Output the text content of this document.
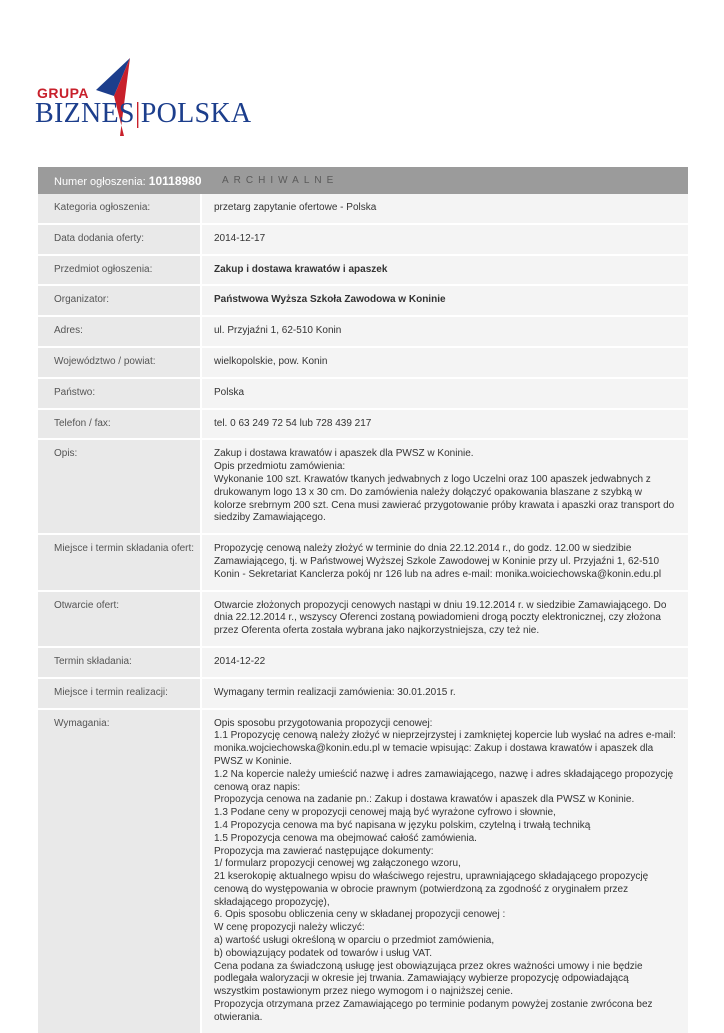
GRUPA
BIZNES|POLSKA
Numer ogłoszenia: 10118980	ARCHIWALNE
Kategoria ogłoszenia:	przetarg zapytanie ofertowe - Polska
Data dodania oferty:	2014-12-17
Przedmiot ogłoszenia:	Zakup i dostawa krawatów i apaszek
Organizator:	Państwowa Wyższa Szkoła Zawodowa w Koninie
Adres:	ul. Przyjaźni 1, 62-510 Konin
Województwo / powiat:	wielkopolskie, pow. Konin
Państwo:	Polska
Telefon / fax:	tel. 0 63 249 72 54 lub 728 439 217
Opis:	Zakup i dostawa krawatów i apaszek dla PWSZ w Koninie.
Opis przedmiotu zamówienia:
Wykonanie 100 szt. Krawatów tkanych jedwabnych z logo Uczelni oraz 100 apaszek jedwabnych z drukowanym logo 13 x 30 cm. Do zamówienia należy dołączyć opakowania blaszane z szybką w kolorze srebrnym 200 szt. Cena musi zawierać przygotowanie próby krawata i apaszki oraz transport do siedziby Zamawiającego.
Miejsce i termin składania ofert:	Propozycję cenową należy złożyć w terminie do dnia 22.12.2014 r., do godz. 12.00 w siedzibie Zamawiającego, tj. w Państwowej Wyższej Szkole Zawodowej w Koninie przy ul. Przyjaźni 1, 62-510 Konin - Sekretariat Kanclerza pokój nr 126 lub na adres e-mail: monika.woiciechowska@konin.edu.pl
Otwarcie ofert:	Otwarcie złożonych propozycji cenowych nastąpi w dniu 19.12.2014 r. w siedzibie Zamawiającego. Do dnia 22.12.2014 r., wszyscy Oferenci zostaną powiadomieni drogą poczty elektronicznej, czy złożona przez Oferenta oferta została wybrana jako najkorzystniejsza, czy też nie.
Termin składania:	2014-12-22
Miejsce i termin realizacji:	Wymagany termin realizacji zamówienia: 30.01.2015 r.
Wymagania:	Opis sposobu przygotowania propozycji cenowej:
1.1 Propozycję cenową należy złożyć w nieprzejrzystej i zamkniętej kopercie lub wysłać na adres e-mail: monika.wojciechowska@konin.edu.pl w temacie wpisując: Zakup i dostawa krawatów i apaszek dla PWSZ w Koninie.
1.2 Na kopercie należy umieścić nazwę i adres zamawiającego, nazwę i adres składającego propozycję cenową oraz napis:
Propozycja cenowa na zadanie pn.: Zakup i dostawa krawatów i apaszek dla PWSZ w Koninie.
1.3 Podane ceny w propozycji cenowej mają być wyrażone cyfrowo i słownie,
1.4 Propozycja cenowa ma być napisana w języku polskim, czytelną i trwałą techniką
1.5 Propozycja cenowa ma obejmować całość zamówienia.
Propozycja ma zawierać następujące dokumenty:
1/ formularz propozycji cenowej wg załączonego wzoru,
21 kserokopię aktualnego wpisu do właściwego rejestru, uprawniającego składającego propozycję cenową do występowania w obrocie prawnym (potwierdzoną za zgodność z oryginałem przez składającego propozycję),
6. Opis sposobu obliczenia ceny w składanej propozycji cenowej :
W cenę propozycji należy wliczyć:
a) wartość usługi określoną w oparciu o przedmiot zamówienia,
b) obowiązujący podatek od towarów i usług VAT.
Cena podana za świadczoną usługę jest obowiązująca przez okres ważności umowy i nie będzie podlegała waloryzacji w okresie jej trwania. Zamawiający wybierze propozycję odpowiadającą wszystkim postawionym przez niego wymogom i o najniższej cenie.
Propozycja otrzymana przez Zamawiającego po terminie podanym powyżej zostanie zwrócona bez otwierania.
